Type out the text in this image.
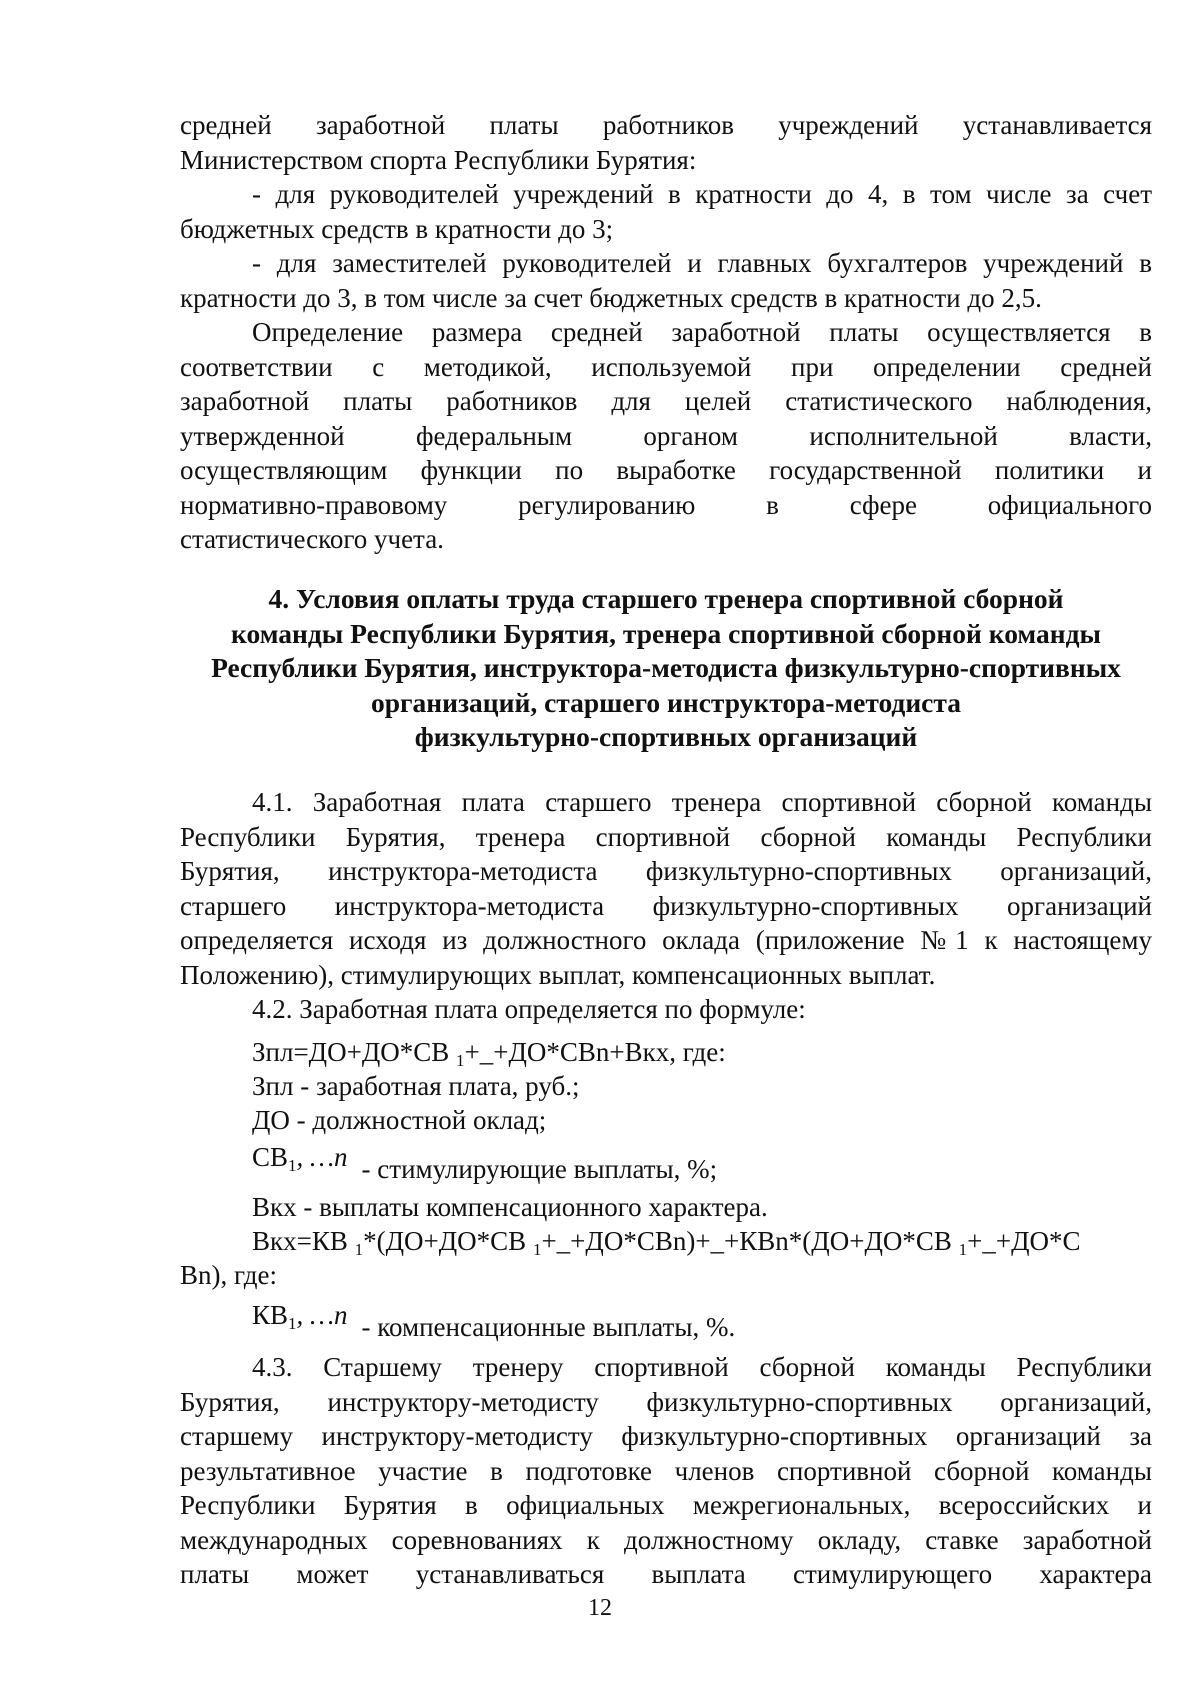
средней заработной платы работников учреждений устанавливается
Министерством спорта Республики Бурятия:
- для руководителей учреждений в кратности до 4, в том числе за счет
бюджетных средств в кратности до 3;
- для заместителей руководителей и главных бухгалтеров учреждений в
кратности до 3, в том числе за счет бюджетных средств в кратности до 2,5.
Определение размера средней заработной платы осуществляется в
соответствии с методикой, используемой при определении средней
заработной платы работников для целей статистического наблюдения,
утвержденной федеральным органом исполнительной власти,
осуществляющим функции по выработке государственной политики и
нормативно-правовому регулированию в сфере официального
статистического учета.
4. Условия оплаты труда старшего тренера спортивной сборной
команды Республики Бурятия, тренера спортивной сборной команды
Республики Бурятия, инструктора-методиста физкультурно-спортивных
организаций, старшего инструктора-методиста
физкультурно-спортивных организаций
4.1. Заработная плата старшего тренера спортивной сборной команды
Республики Бурятия, тренера спортивной сборной команды Республики
Бурятия, инструктора-методиста физкультурно-спортивных организаций,
старшего инструктора-методиста физкультурно-спортивных организаций
определяется исходя из должностного оклада (приложение №1 к настоящему
Положению), стимулирующих выплат, компенсационных выплат.
4.2. Заработная плата определяется по формуле:
Зпл=ДО+ДО*СВ $_1$+_+ДО*СВn+Вкх, где:
Зпл - заработная плата, руб.;
ДО - должностной оклад;
$СВ_1$, …n - стимулирующие выплаты, %;
Вкх - выплаты компенсационного характера.
Вкх=КВ $_1$*(ДО+ДО*СВ $_1$+_+ДО*СВn)+_+КВn*(ДО+ДО*СВ $_1$+_+ДО*С
Вn), где:
$КВ_1$, …n - компенсационные выплаты, %.
4.3. Старшему тренеру спортивной сборной команды Республики
Бурятия, инструктору-методисту физкультурно-спортивных организаций,
старшему инструктору-методисту физкультурно-спортивных организаций за
результативное участие в подготовке членов спортивной сборной команды
Республики Бурятия в официальных межрегиональных, всероссийских и
международных соревнованиях к должностному окладу, ставке заработной
платы может устанавливаться выплата стимулирующего характера
12
